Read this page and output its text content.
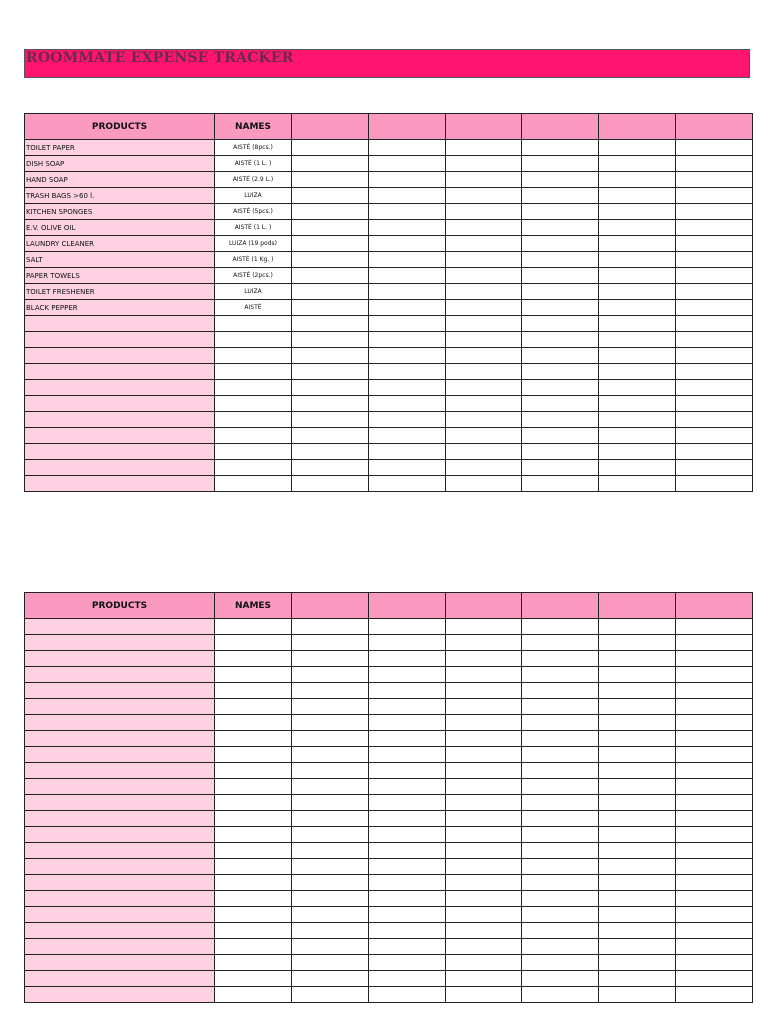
ROOMMATE EXPENSE TRACKER
PRODUCTS	NAMES						
TOILET PAPER	AISTĖ (8pcs.)						
DISH SOAP	AISTĖ (1 L. )						
HAND SOAP	AISTĖ (2.9 L.)						
TRASH BAGS >60 l.	LUIZA						
KITCHEN SPONGES	AISTĖ (5pcs.)						
E.V. OLIVE OIL	AISTĖ (1 L. )						
LAUNDRY CLEANER	LUIZA (19 pods)						
SALT	AISTĖ (1 Kg. )						
PAPER TOWELS	AISTĖ (2pcs.)						
TOILET FRESHENER	LUIZA						
BLACK PEPPER	AISTĖ						

PRODUCTS	NAMES						
